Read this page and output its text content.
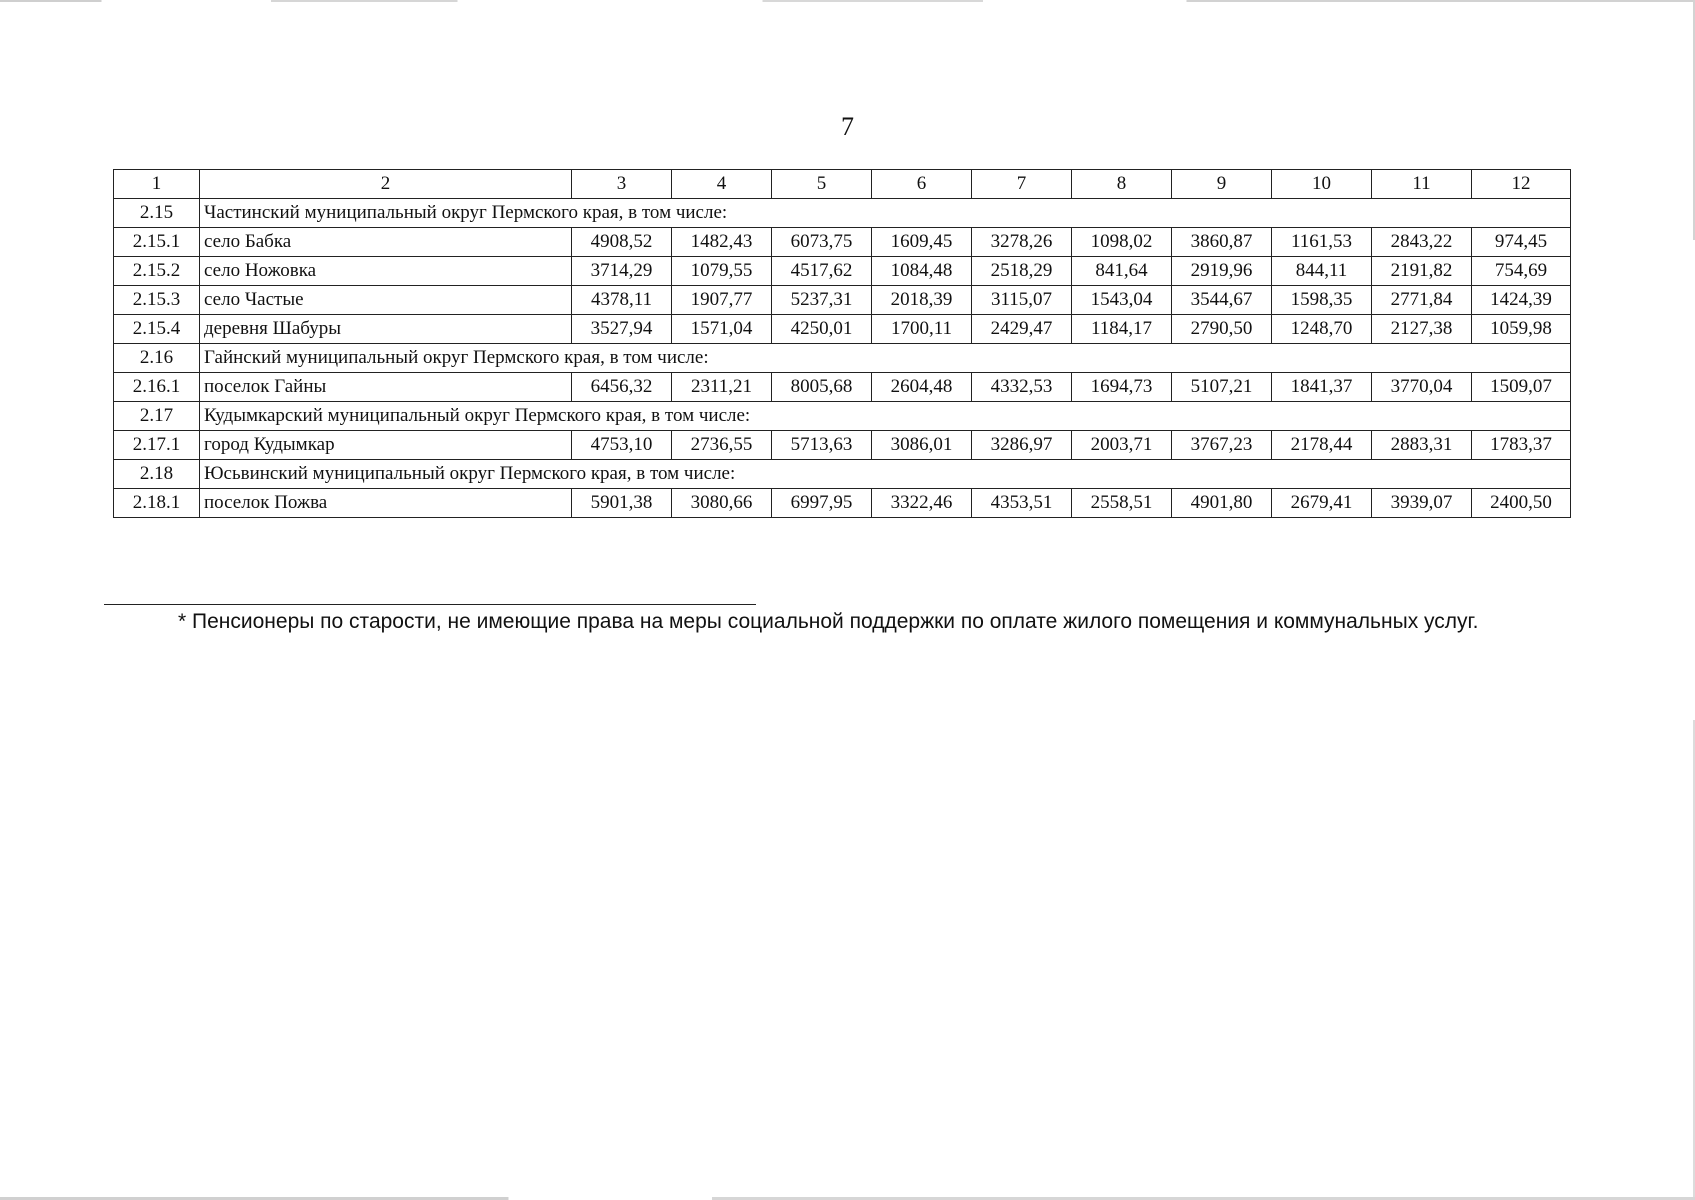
7
1	2	3	4	5	6	7	8	9	10	11	12
2.15	Частинский муниципальный округ Пермского края, в том числе:										
2.15.1	село Бабка	4908,52	1482,43	6073,75	1609,45	3278,26	1098,02	3860,87	1161,53	2843,22	974,45
2.15.2	село Ножовка	3714,29	1079,55	4517,62	1084,48	2518,29	841,64	2919,96	844,11	2191,82	754,69
2.15.3	село Частые	4378,11	1907,77	5237,31	2018,39	3115,07	1543,04	3544,67	1598,35	2771,84	1424,39
2.15.4	деревня Шабуры	3527,94	1571,04	4250,01	1700,11	2429,47	1184,17	2790,50	1248,70	2127,38	1059,98
2.16	Гайнский муниципальный округ Пермского края, в том числе:										
2.16.1	поселок Гайны	6456,32	2311,21	8005,68	2604,48	4332,53	1694,73	5107,21	1841,37	3770,04	1509,07
2.17	Кудымкарский муниципальный округ Пермского края, в том числе:										
2.17.1	город Кудымкар	4753,10	2736,55	5713,63	3086,01	3286,97	2003,71	3767,23	2178,44	2883,31	1783,37
2.18	Юсьвинский муниципальный округ Пермского края, в том числе:										
2.18.1	поселок Пожва	5901,38	3080,66	6997,95	3322,46	4353,51	2558,51	4901,80	2679,41	3939,07	2400,50
* Пенсионеры по старости, не имеющие права на меры социальной поддержки по оплате жилого помещения и коммунальных услуг.
